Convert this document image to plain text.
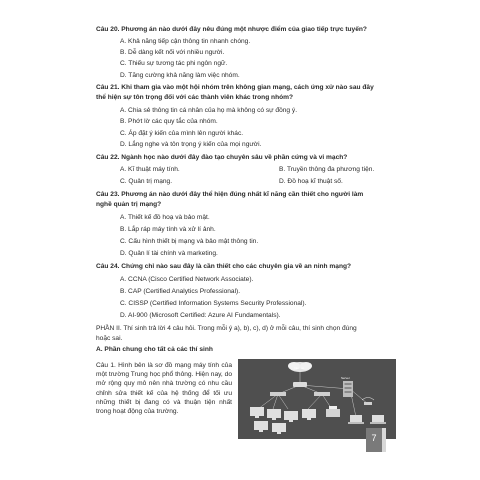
Câu 20. Phương án nào dưới đây nêu đúng một nhược điểm của giao tiếp trực tuyến?
A. Khả năng tiếp cận thông tin nhanh chóng.
B. Dễ dàng kết nối với nhiều người.
C. Thiếu sự tương tác phi ngôn ngữ.
D. Tăng cường khả năng làm việc nhóm.
Câu 21. Khi tham gia vào một hội nhóm trên không gian mạng, cách ứng xử nào sau đây
thể hiện sự tôn trọng đối với các thành viên khác trong nhóm?
A. Chia sẻ thông tin cá nhân của họ mà không có sự đồng ý.
B. Phớt lờ các quy tắc của nhóm.
C. Áp đặt ý kiến của mình lên người khác.
D. Lắng nghe và tôn trọng ý kiến của mọi người.
Câu 22. Ngành học nào dưới đây đào tạo chuyên sâu về phần cứng và vi mạch?
A. Kĩ thuật máy tính.	B. Truyền thông đa phương tiện.
C. Quản trị mạng.	D. Đồ hoạ kĩ thuật số.
Câu 23. Phương án nào dưới đây thể hiện đúng nhất kĩ năng cần thiết cho người làm
nghề quản trị mạng?
A. Thiết kế đồ hoạ và bảo mật.
B. Lắp ráp máy tính và xử lí ảnh.
C. Cấu hình thiết bị mạng và bảo mật thông tin.
D. Quản lí tài chính và marketing.
Câu 24. Chứng chỉ nào sau đây là cần thiết cho các chuyên gia về an ninh mạng?
A. CCNA (Cisco Certified Network Associate).
B. CAP (Certified Analytics Professional).
C. CISSP (Certified Information Systems Security Professional).
D. AI-900 (Microsoft Certified: Azure AI Fundamentals).
PHẦN II. Thí sinh trả lời 4 câu hỏi. Trong mỗi ý a), b), c), d) ở mỗi câu, thí sinh chọn đúng
hoặc sai.
A. Phần chung cho tất cả các thí sinh
Câu 1. Hình bên là sơ đồ mạng máy tính của một trường Trung học phổ thông. Hiện nay, do mở rộng quy mô nên nhà trường có nhu cầu chỉnh sửa thiết kế của hệ thống để tối ưu những thiết bị đang có và thuận tiện nhất trong hoạt động của trường.
Internet
Server
7
